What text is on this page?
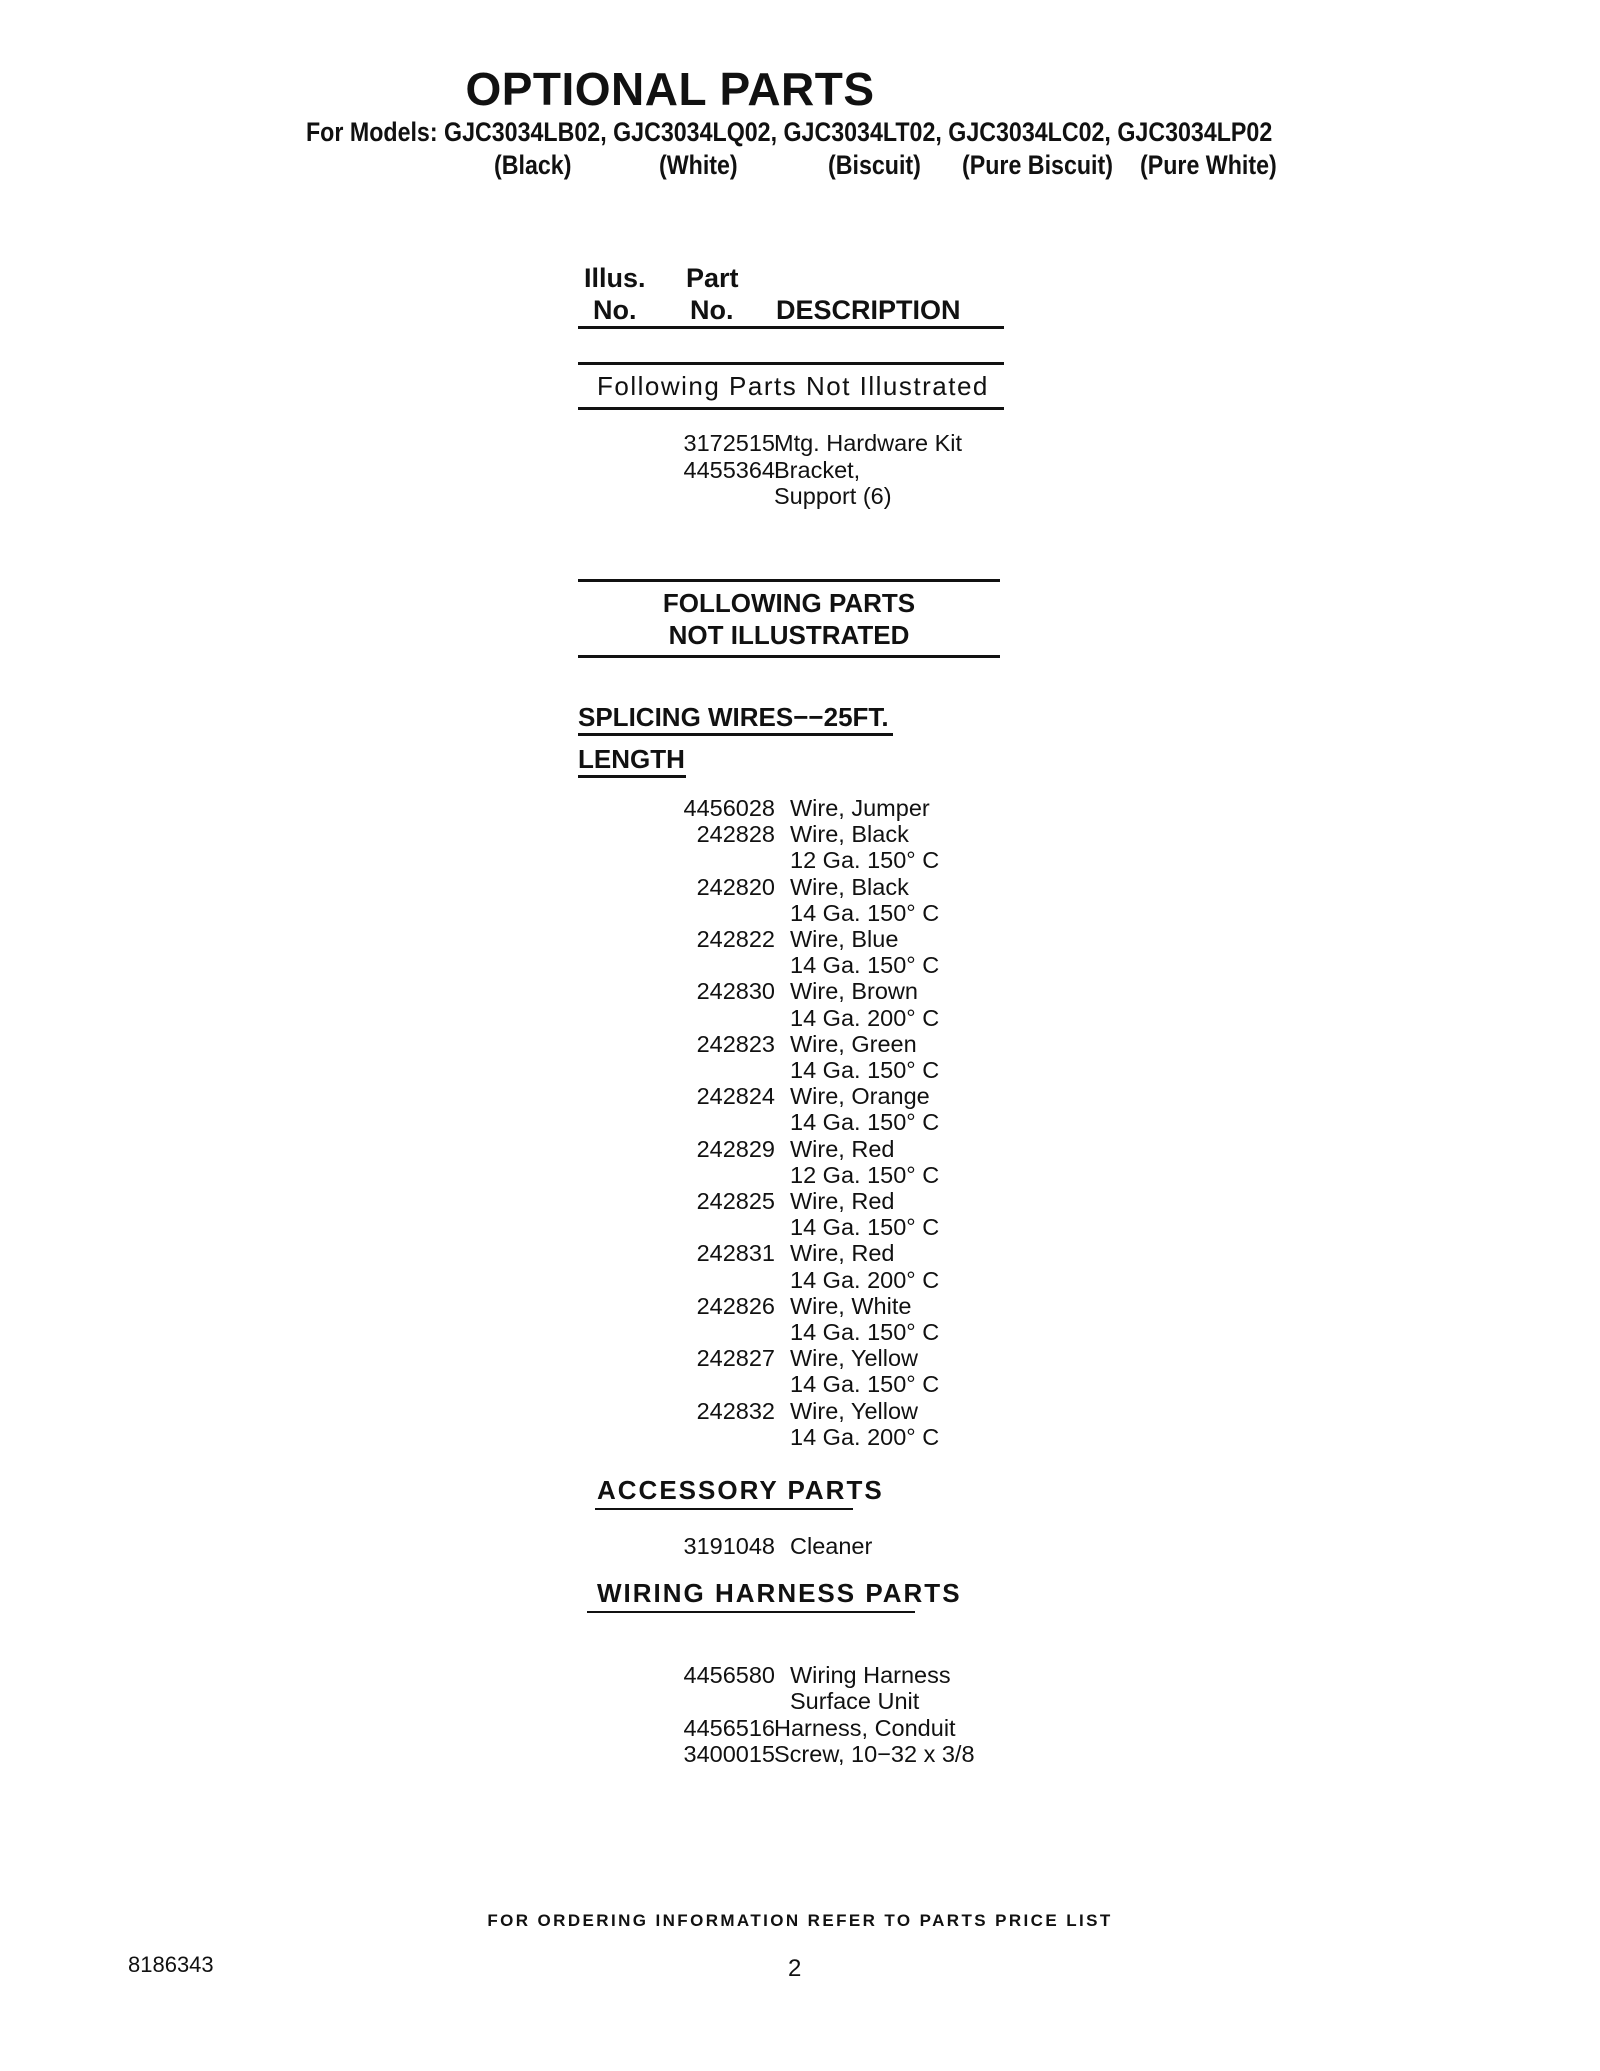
OPTIONAL PARTS
For Models: GJC3034LB02, GJC3034LQ02, GJC3034LT02, GJC3034LC02, GJC3034LP02
(Black)	(White)	(Biscuit) (Pure Biscuit) (Pure White)
Illus.
No.
Part
No. DESCRIPTION
Following Parts Not Illustrated
3172515 Mtg. Hardware Kit
4455364 Bracket,
Support (6)
FOLLOWING PARTS
NOT ILLUSTRATED
SPLICING WIRES−−25FT.
LENGTH
4456028 Wire, Jumper
242828 Wire, Black
12 Ga. 150° C
242820 Wire, Black
14 Ga. 150° C
242822 Wire, Blue
14 Ga. 150° C
242830 Wire, Brown
14 Ga. 200° C
242823 Wire, Green
14 Ga. 150° C
242824 Wire, Orange
14 Ga. 150° C
242829 Wire, Red
12 Ga. 150° C
242825 Wire, Red
14 Ga. 150° C
242831 Wire, Red
14 Ga. 200° C
242826 Wire, White
14 Ga. 150° C
242827 Wire, Yellow
14 Ga. 150° C
242832 Wire, Yellow
14 Ga. 200° C
ACCESSORY PARTS
3191048 Cleaner
WIRING HARNESS PARTS
4456580 Wiring Harness
Surface Unit
4456516 Harness, Conduit
3400015 Screw, 10−32 x 3/8
FOR ORDERING INFORMATION REFER TO PARTS PRICE LIST
8186343	2
